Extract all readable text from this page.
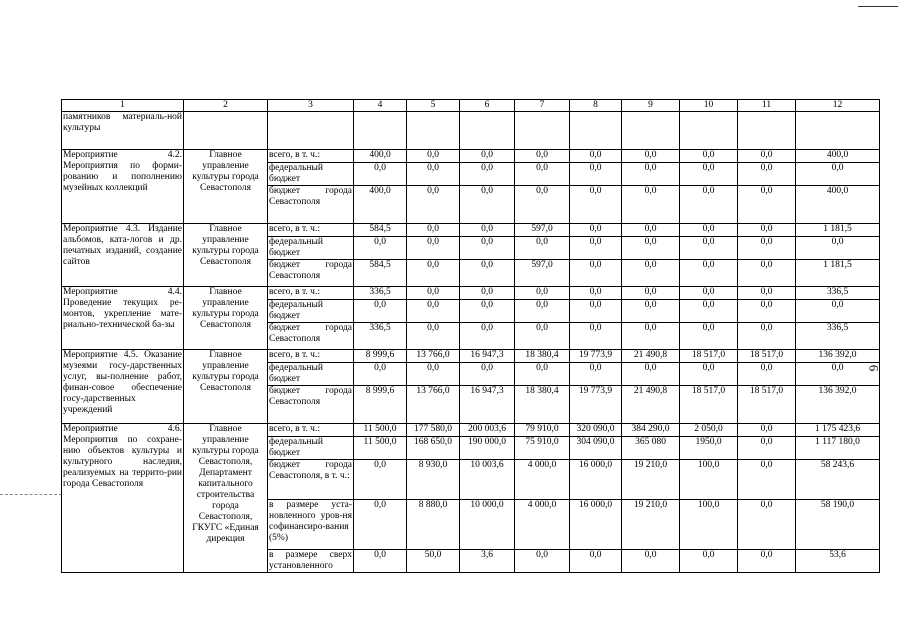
6
1	2	3	4	5	6	7	8	9	10	11	12
памятников материаль-ной культуры											
Мероприятие 4.2. Мероприятия по форми-рованию и пополнению музейных коллекций	Главное управление культуры города Севастополя	всего, в т. ч.:	400,0	0,0	0,0	0,0	0,0	0,0	0,0	0,0	400,0
		федеральный бюджет	0,0	0,0	0,0	0,0	0,0	0,0	0,0	0,0	0,0
		бюджет города Севастополя	400,0	0,0	0,0	0,0	0,0	0,0	0,0	0,0	400,0
Мероприятие 4.3. Издание альбомов, ката-логов и др. печатных изданий, создание сайтов	Главное управление культуры города Севастополя	всего, в т. ч.:	584,5	0,0	0,0	597,0	0,0	0,0	0,0	0,0	1 181,5
		федеральный бюджет	0,0	0,0	0,0	0,0	0,0	0,0	0,0	0,0	0,0
		бюджет города Севастополя	584,5	0,0	0,0	597,0	0,0	0,0	0,0	0,0	1 181,5
Мероприятие 4.4. Проведение текущих ре-монтов, укрепление мате-риально-технической ба-зы	Главное управление культуры города Севастополя	всего, в т. ч.:	336,5	0,0	0,0	0,0	0,0	0,0	0,0	0,0	336,5
		федеральный бюджет	0,0	0,0	0,0	0,0	0,0	0,0	0,0	0,0	0,0
		бюджет города Севастополя	336,5	0,0	0,0	0,0	0,0	0,0	0,0	0,0	336,5
Мероприятие 4.5. Оказание музеями госу-дарственных услуг, вы-полнение работ, финан-совое обеспечение госу-дарственных учреждений	Главное управление культуры города Севастополя	всего, в т. ч.:	8 999,6	13 766,0	16 947,3	18 380,4	19 773,9	21 490,8	18 517,0	18 517,0	136 392,0
		федеральный бюджет	0,0	0,0	0,0	0,0	0,0	0,0	0,0	0,0	0,0
		бюджет города Севастополя	8 999,6	13 766,0	16 947,3	18 380,4	19 773,9	21 490,8	18 517,0	18 517,0	136 392,0
Мероприятие 4.6. Мероприятия по сохране-нию объектов культуры и культурного наследия, реализуемых на террито-рии города Севастополя	Главное управление культуры города Севастополя, Департамент капитального строительства города Севастополя, ГКУГС «Единая дирекция	всего, в т. ч.:	11 500,0	177 580,0	200 003,6	79 910,0	320 090,0	384 290,0	2 050,0	0,0	1 175 423,6
		федеральный бюджет	11 500,0	168 650,0	190 000,0	75 910,0	304 090,0	365 080	1950,0	0,0	1 117 180,0
		бюджет города Севастополя, в т. ч.:	0,0	8 930,0	10 003,6	4 000,0	16 000,0	19 210,0	100,0	0,0	58 243,6
		в размере уста-новленного уров-ня софинансиро-вания (5%)	0,0	8 880,0	10 000,0	4 000,0	16 000,0	19 210,0	100,0	0,0	58 190,0
		в размере сверх установленного	0,0	50,0	3,6	0,0	0,0	0,0	0,0	0,0	53,6
